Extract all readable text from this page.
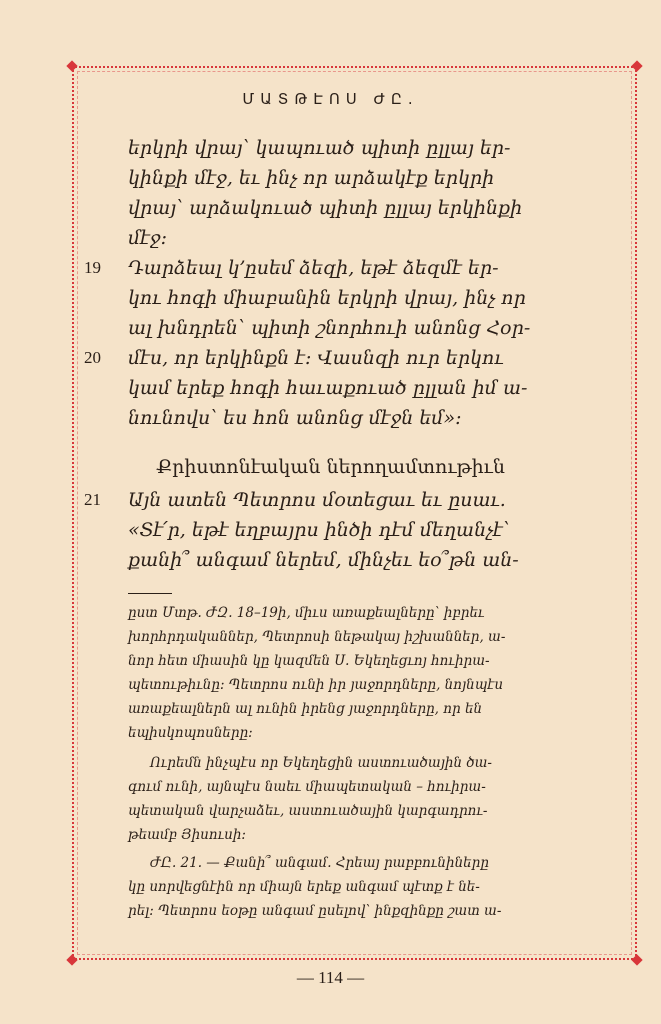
ՄԱՏԹԷՈՍ ԺԸ.
երկրի վրայ՝ կապուած պիտի ըլլայ եր-
կինքի մէջ, եւ ինչ որ արձակէք երկրի
վրայ՝ արձակուած պիտի ըլլայ երկինքի
մէջ:
19 Դարձեալ կ՚ըսեմ ձեզի, եթէ ձեզմէ եր-
կու հոգի միաբանին երկրի վրայ, ինչ որ
ալ խնդրեն՝ պիտի շնորհուի անոնց Հօր-
20 մէս, որ երկինքն է: Վասնզի ուր երկու
կամ երեք հոգի հաւաքուած ըլլան իմ ա-
նունովս՝ ես հոն անոնց մէջն եմ»:
Քրիստոնէական ներողամտութիւն
21 Այն ատեն Պետրոս մօտեցաւ եւ ըսաւ.
«Տէ՛ր, եթէ եղբայրս ինծի դէմ մեղանչէ՝
քանի՞ անգամ ներեմ, մինչեւ եօ՞թն ան-
ըստ Մտթ. ԺԶ. 18–19ի, միւս առաքեալները՝ իբրեւ
խորհրդականներ, Պետրոսի նեթակայ իշխաններ, ա-
նոր հետ միասին կը կազմեն Ս. Եկեղեցւոյ հուիրա-
պետութիւնը: Պետրոս ունի իր յաջորդները, նոյնպէս
առաքեալներն ալ ունին իրենց յաջորդները, որ են
եպիսկոպոսները:
Ուրեմն ինչպէս որ Եկեղեցին աստուածային ծա-
գում ունի, այնպէս նաեւ միապետական – հուիրա-
պետական վարչաձեւ, աստուածային կարգադրու-
թեամբ Յիսուսի:
ԺԸ. 21. — Քանի՞ անգամ. Հրեայ րաբբունիները
կը սորվեցնէին որ միայն երեք անգամ պէտք է նե-
րել: Պետրոս եօթը անգամ ըսելով՝ ինքզինքը շատ ա-
— 114 —
